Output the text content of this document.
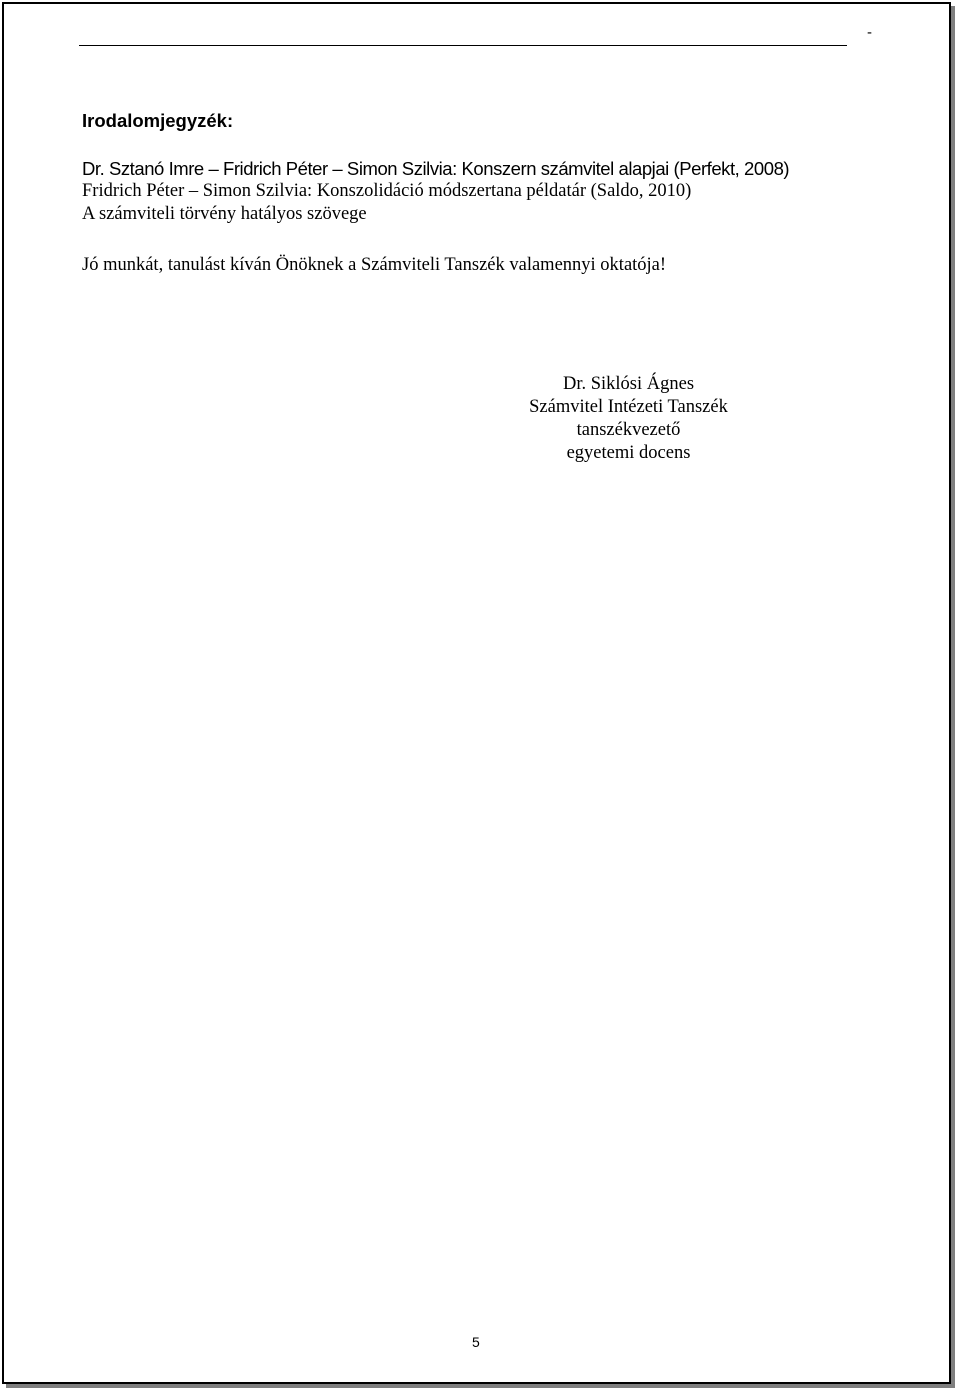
-
Irodalomjegyzék:
Dr. Sztanó Imre – Fridrich Péter – Simon Szilvia: Konszern számvitel alapjai (Perfekt, 2008)
Fridrich Péter – Simon Szilvia: Konszolidáció módszertana példatár (Saldo, 2010)
A számviteli törvény hatályos szövege

Jó munkát, tanulást kíván Önöknek a Számviteli Tanszék valamennyi oktatója!

Dr. Siklósi Ágnes
Számvitel Intézeti Tanszék
tanszékvezető
egyetemi docens
5
